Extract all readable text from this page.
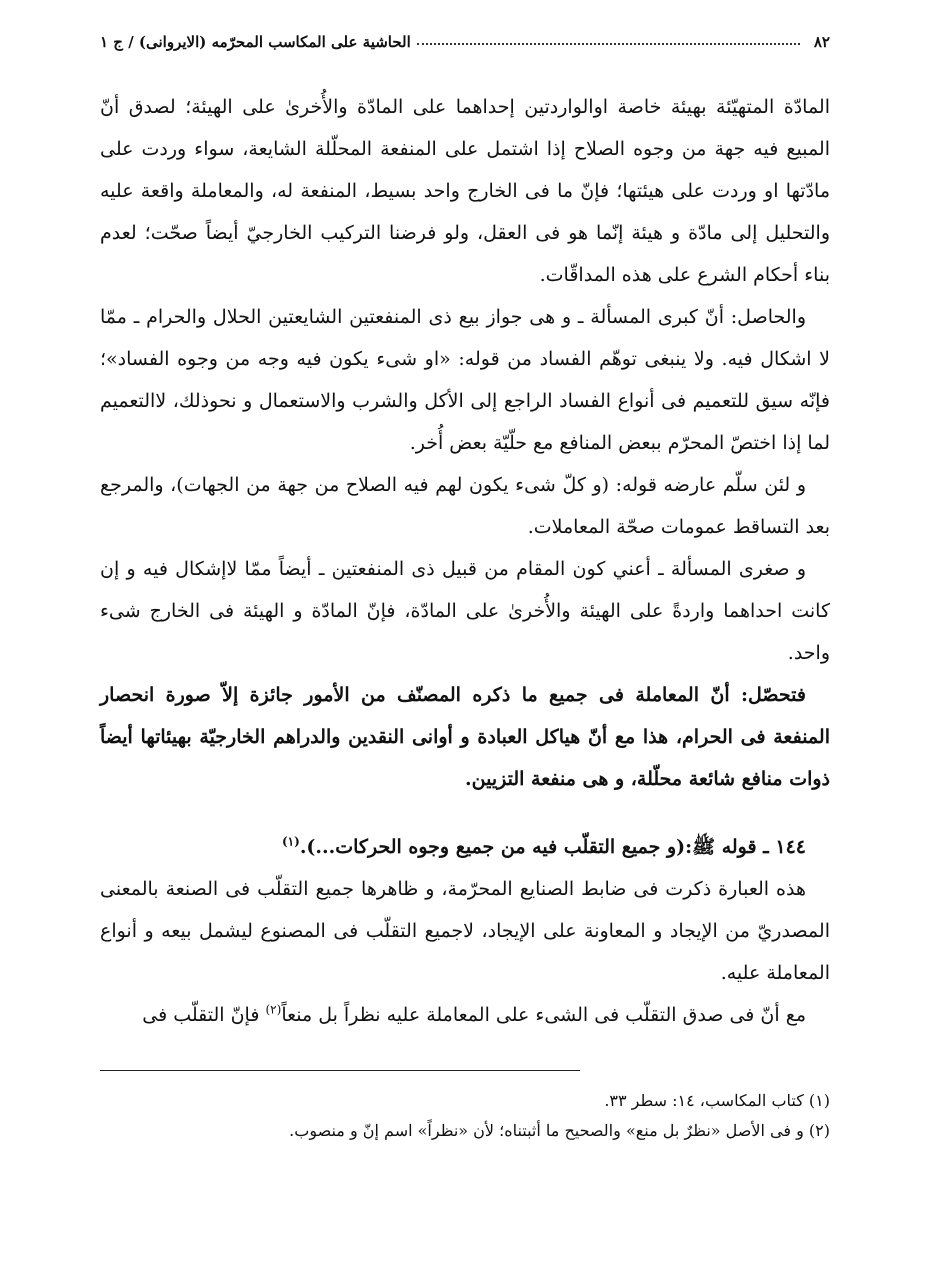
٨٢
الحاشية على المكاسب المحرّمه (الايروانى) / ج ١

المادّة المتهيّئة بهيئة خاصة اوالواردتين إحداهما على المادّة والأُخرىٰ على الهيئة؛ لصدق أنّ المبيع فيه جهة من وجوه الصلاح إذا اشتمل على المنفعة المحلّلة الشايعة، سواء وردت على مادّتها او وردت على هيئتها؛ فإنّ ما فى الخارج واحد بسيط، المنفعة له، والمعاملة واقعة عليه والتحليل إلى مادّة و هيئة إنّما هو فى العقل، ولو فرضنا التركيب الخارجيّ أيضاً صحّت؛ لعدم بناء أحكام الشرع على هذه المداقّات.

والحاصل: أنّ كبرى المسألة ـ و هى جواز بيع ذى المنفعتين الشايعتين الحلال والحرام ـ ممّا لا اشكال فيه. ولا ينبغى توهّم الفساد من قوله: «او شىء يكون فيه وجه من وجوه الفساد»؛ فإنّه سيق للتعميم فى أنواع الفساد الراجع إلى الأكل والشرب والاستعمال و نحوذلك، لاالتعميم لما إذا اختصّ المحرّم ببعض المنافع مع حلّيّة بعض أُخر.

و لئن سلّم عارضه قوله: (و كلّ شىء يكون لهم فيه الصلاح من جهة من الجهات)، والمرجع بعد التساقط عمومات صحّة المعاملات.

و صغرى المسألة ـ أعني كون المقام من قبيل ذى المنفعتين ـ أيضاً ممّا لاإشكال فيه و إن كانت احداهما واردةً على الهيئة والأُخرىٰ على المادّة، فإنّ المادّة و الهيئة فى الخارج شىء واحد.

فتحصّل: أنّ المعاملة فى جميع ما ذكره المصنّف من الأمور جائزة إلاّ صورة انحصار المنفعة فى الحرام، هذا مع أنّ هياكل العبادة و أوانى النقدين والدراهم الخارجيّة بهيئاتها أيضاً ذوات منافع شائعة محلّلة، و هى منفعة التزيين.

١٤٤ ـ قوله ﷺ:(و جميع التقلّب فيه من جميع وجوه الحركات...).$^{(١)}$

هذه العبارة ذكرت فى ضابط الصنايع المحرّمة، و ظاهرها جميع التقلّب فى الصنعة بالمعنى المصدريّ من الإيجاد و المعاونة على الإيجاد، لاجميع التقلّب فى المصنوع ليشمل بيعه و أنواع المعاملة عليه.

مع أنّ فى صدق التقلّب فى الشىء على المعاملة عليه نظراً بل منعاً$^{(٢)}$ فإنّ التقلّب فى

(١) كتاب المكاسب، ١٤: سطر ٣٣.

(٢) و فى الأصل «نظرٌ بل منع» والصحيح ما أثبتناه؛ لأن «نظراً» اسم إنّ و منصوب.
